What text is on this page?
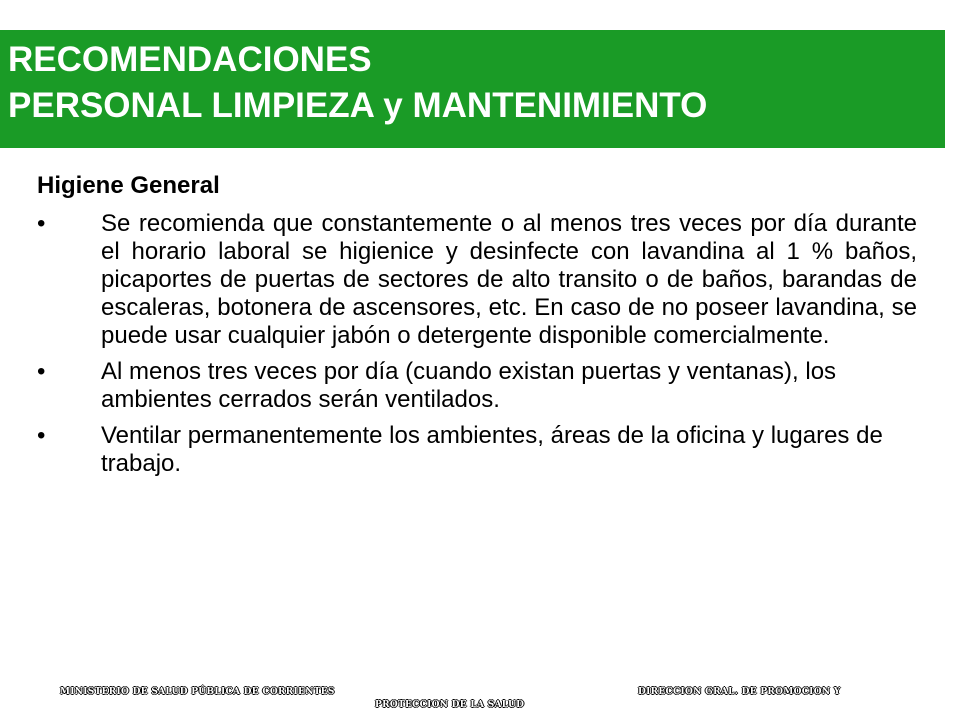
RECOMENDACIONES
PERSONAL LIMPIEZA y MANTENIMIENTO
Higiene General
•	Se recomienda que constantemente o al menos tres veces por día durante el horario laboral se higienice y desinfecte con lavandina al 1 % baños, picaportes de puertas de sectores de alto transito o de baños, barandas de escaleras, botonera de ascensores, etc. En caso de no poseer lavandina, se puede usar cualquier jabón o detergente disponible comercialmente.
•	Al menos tres veces por día (cuando existan puertas y ventanas), los ambientes cerrados serán ventilados.
•	Ventilar permanentemente los ambientes, áreas de la oficina y lugares de trabajo.
MINISTERIO DE SALUD PÚBLICA DE CORRIENTES	DIRECCION GRAL. DE PROMOCION Y
PROTECCION DE LA SALUD
